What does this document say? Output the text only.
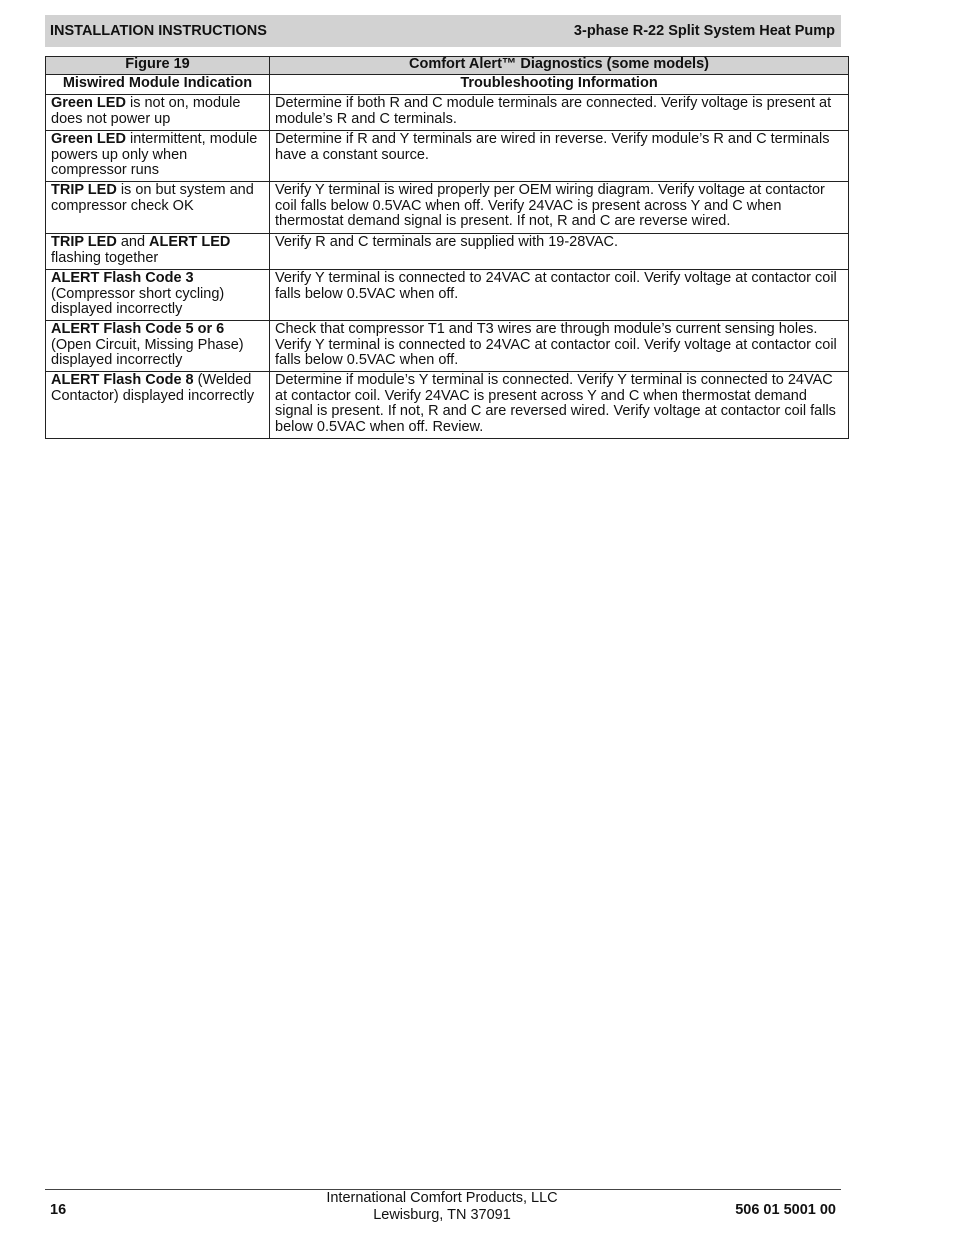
INSTALLATION INSTRUCTIONS	3-phase R-22 Split System Heat Pump
Figure 19	Comfort Alert™ Diagnostics (some models)
Miswired Module Indication	Troubleshooting Information
Green LED is not on, module does not power up	Determine if both R and C module terminals are connected. Verify voltage is present at module’s R and C terminals.
Green LED intermittent, module powers up only when compressor runs	Determine if R and Y terminals are wired in reverse. Verify module’s R and C terminals have a constant source.
TRIP LED is on but system and compressor check OK	Verify Y terminal is wired properly per OEM wiring diagram. Verify voltage at contactor coil falls below 0.5VAC when off. Verify 24VAC is present across Y and C when thermostat demand signal is present. If not, R and C are reverse wired.
TRIP LED and ALERT LED flashing together	Verify R and C terminals are supplied with 19-28VAC.
ALERT Flash Code 3 (Compressor short cycling) displayed incorrectly	Verify Y terminal is connected to 24VAC at contactor coil. Verify voltage at contactor coil falls below 0.5VAC when off.
ALERT Flash Code 5 or 6 (Open Circuit, Missing Phase) displayed incorrectly	Check that compressor T1 and T3 wires are through module’s current sensing holes. Verify Y terminal is connected to 24VAC at contactor coil. Verify voltage at contactor coil falls below 0.5VAC when off.
ALERT Flash Code 8 (Welded Contactor) displayed incorrectly	Determine if module’s Y terminal is connected. Verify Y terminal is connected to 24VAC at contactor coil. Verify 24VAC is present across Y and C when thermostat demand signal is present. If not, R and C are reversed wired. Verify voltage at contactor coil falls below 0.5VAC when off. Review.
16
International Comfort Products, LLC
Lewisburg, TN 37091	506 01 5001 00
